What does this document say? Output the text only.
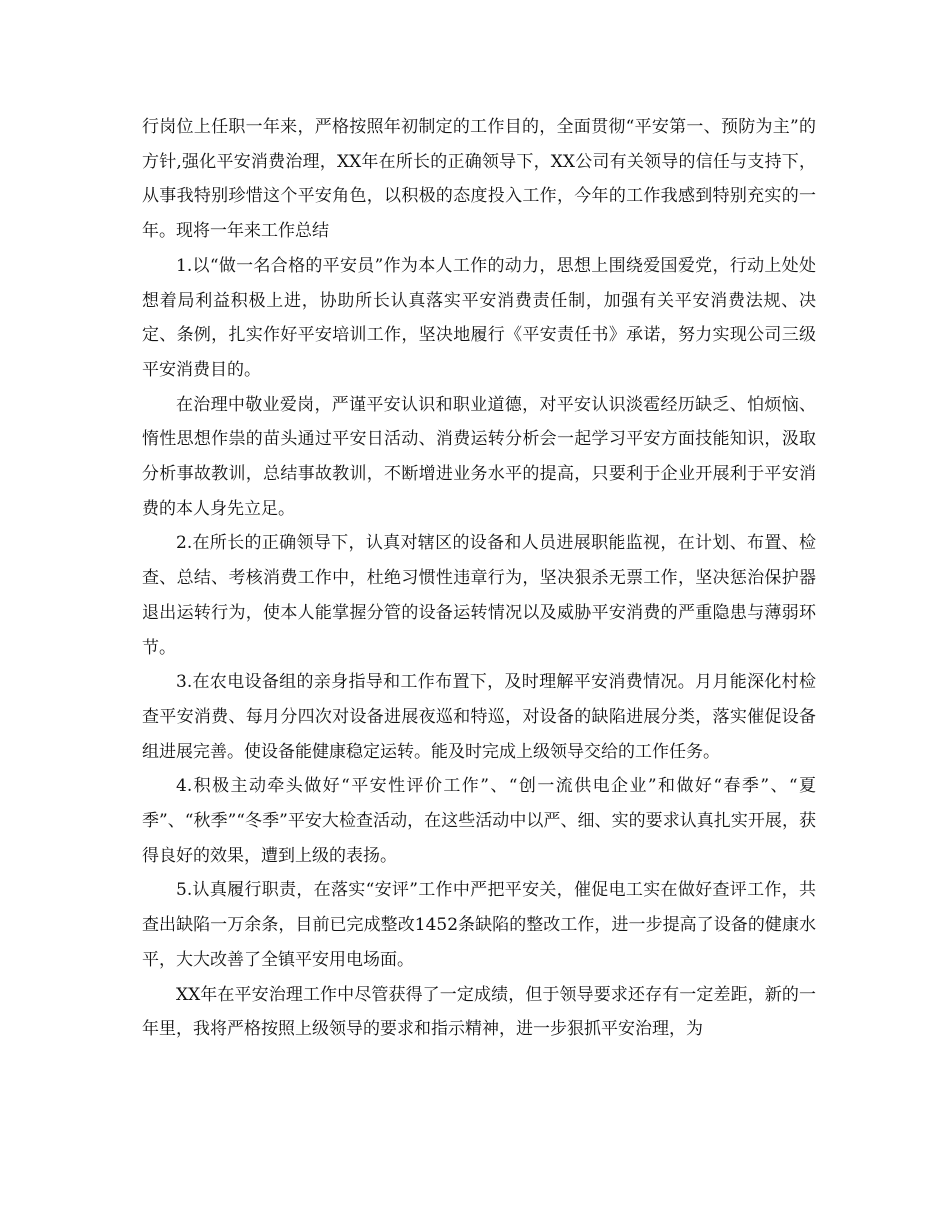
行岗位上任职一年来，严格按照年初制定的工作目的，全面贯彻“平安第一、预防为主”的方针,强化平安消费治理，XX年在所长的正确领导下，XX公司有关领导的信任与支持下，从事我特别珍惜这个平安角色，以积极的态度投入工作，今年的工作我感到特别充实的一年。现将一年来工作总结

1.以“做一名合格的平安员”作为本人工作的动力，思想上围绕爱国爱党，行动上处处想着局利益积极上进，协助所长认真落实平安消费责任制，加强有关平安消费法规、决定、条例，扎实作好平安培训工作，坚决地履行《平安责任书》承诺，努力实现公司三级平安消费目的。

在治理中敬业爱岗，严谨平安认识和职业道德，对平安认识淡雹经历缺乏、怕烦恼、惰性思想作祟的苗头通过平安日活动、消费运转分析会一起学习平安方面技能知识，汲取分析事故教训，总结事故教训，不断增进业务水平的提高，只要利于企业开展利于平安消费的本人身先立足。

2.在所长的正确领导下，认真对辖区的设备和人员进展职能监视，在计划、布置、检查、总结、考核消费工作中，杜绝习惯性违章行为，坚决狠杀无票工作，坚决惩治保护器退出运转行为，使本人能掌握分管的设备运转情况以及威胁平安消费的严重隐患与薄弱环节。

3.在农电设备组的亲身指导和工作布置下，及时理解平安消费情况。月月能深化村检查平安消费、每月分四次对设备进展夜巡和特巡，对设备的缺陷进展分类，落实催促设备组进展完善。使设备能健康稳定运转。能及时完成上级领导交给的工作任务。

4.积极主动牵头做好“平安性评价工作”、“创一流供电企业”和做好“春季”、“夏季”、“秋季”“冬季”平安大检查活动，在这些活动中以严、细、实的要求认真扎实开展，获得良好的效果，遭到上级的表扬。

5.认真履行职责，在落实“安评”工作中严把平安关，催促电工实在做好查评工作，共查出缺陷一万余条，目前已完成整改1452条缺陷的整改工作，进一步提高了设备的健康水平，大大改善了全镇平安用电场面。

XX年在平安治理工作中尽管获得了一定成绩，但于领导要求还存有一定差距，新的一年里，我将严格按照上级领导的要求和指示精神，进一步狠抓平安治理，为
